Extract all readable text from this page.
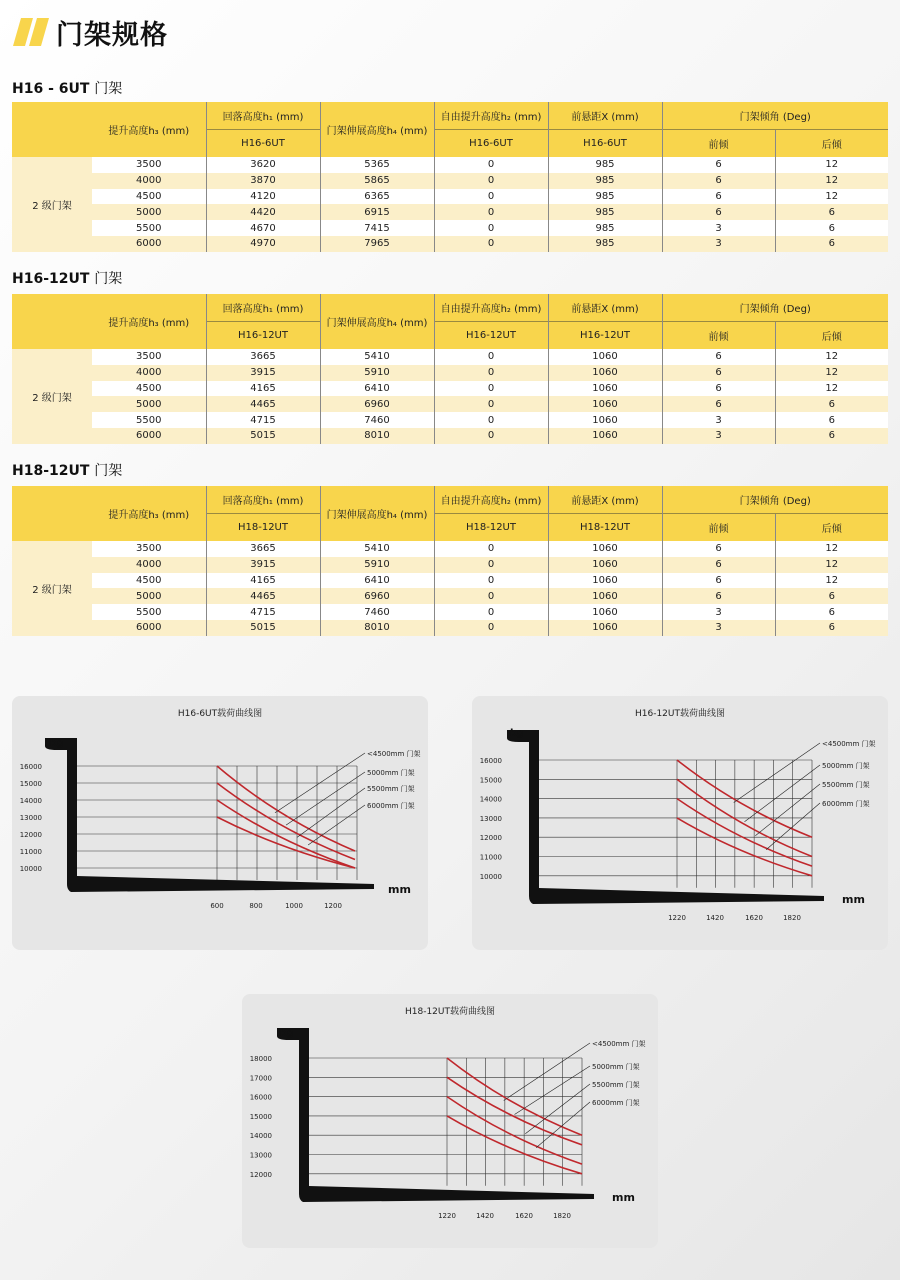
门架规格
H16 - 6UT 门架
	提升高度h₃ (mm)	回落高度h₁ (mm)	门架伸展高度h₄ (mm)	自由提升高度h₂ (mm)	前悬距X (mm)	门架倾角 (Deg)	
		H16-6UT		H16-6UT	H16-6UT	前倾	后倾
2 级门架	3500	3620	5365	0	985	6	12
	4000	3870	5865	0	985	6	12
	4500	4120	6365	0	985	6	12
	5000	4420	6915	0	985	6	6
	5500	4670	7415	0	985	3	6
	6000	4970	7965	0	985	3	6
H16-12UT 门架
	提升高度h₃ (mm)	回落高度h₁ (mm)	门架伸展高度h₄ (mm)	自由提升高度h₂ (mm)	前悬距X (mm)	门架倾角 (Deg)	
		H16-12UT		H16-12UT	H16-12UT	前倾	后倾
2 级门架	3500	3665	5410	0	1060	6	12
	4000	3915	5910	0	1060	6	12
	4500	4165	6410	0	1060	6	12
	5000	4465	6960	0	1060	6	6
	5500	4715	7460	0	1060	3	6
	6000	5015	8010	0	1060	3	6
H18-12UT 门架
	提升高度h₃ (mm)	回落高度h₁ (mm)	门架伸展高度h₄ (mm)	自由提升高度h₂ (mm)	前悬距X (mm)	门架倾角 (Deg)	
		H18-12UT		H18-12UT	H18-12UT	前倾	后倾
2 级门架	3500	3665	5410	0	1060	6	12
	4000	3915	5910	0	1060	6	12
	4500	4165	6410	0	1060	6	12
	5000	4465	6960	0	1060	6	6
	5500	4715	7460	0	1060	3	6
	6000	5015	8010	0	1060	3	6
H16-6UT载荷曲线图
16000
15000
14000
13000
12000
11000
10000
kg
mm
600	800	1000	1200
<4500mm 门架
5000mm 门架
5500mm 门架
6000mm 门架
H16-12UT载荷曲线图
16000
15000
14000
13000
12000
11000
10000
kg
mm
1220	1420	1620	1820
<4500mm 门架
5000mm 门架
5500mm 门架
6000mm 门架
H18-12UT载荷曲线图
18000
17000
16000
15000
14000
13000
12000
kg
mm
1220	1420	1620	1820
<4500mm 门架
5000mm 门架
5500mm 门架
6000mm 门架
